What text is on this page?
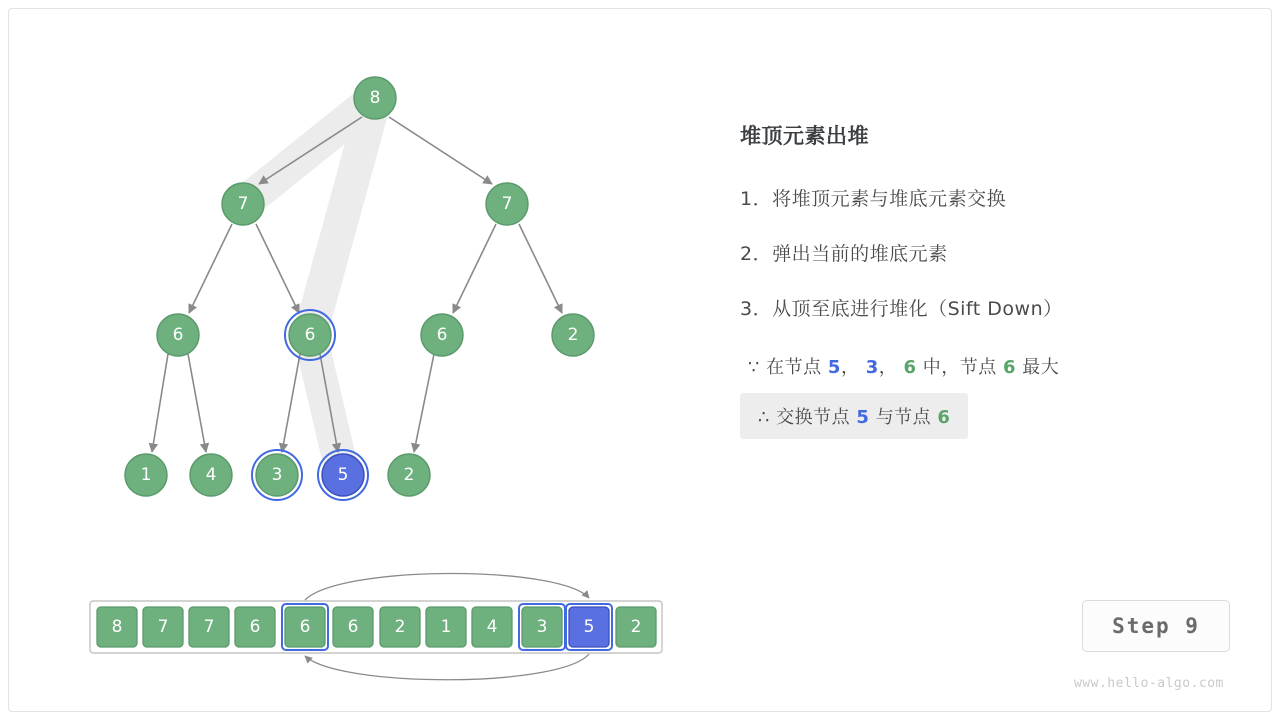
8
7	7
6	6	6	2
1	4	3	5	2
8 7 7 6 6 6 2 1 4 3 5 2
堆顶元素出堆
1．将堆顶元素与堆底元素交换
2．弹出当前的堆底元素
3．从顶至底进行堆化（Sift Down）
∵ 在节点 5， 3， 6 中，节点 6 最大
∴ 交换节点 5 与节点 6
Step 9
www.hello-algo.com
